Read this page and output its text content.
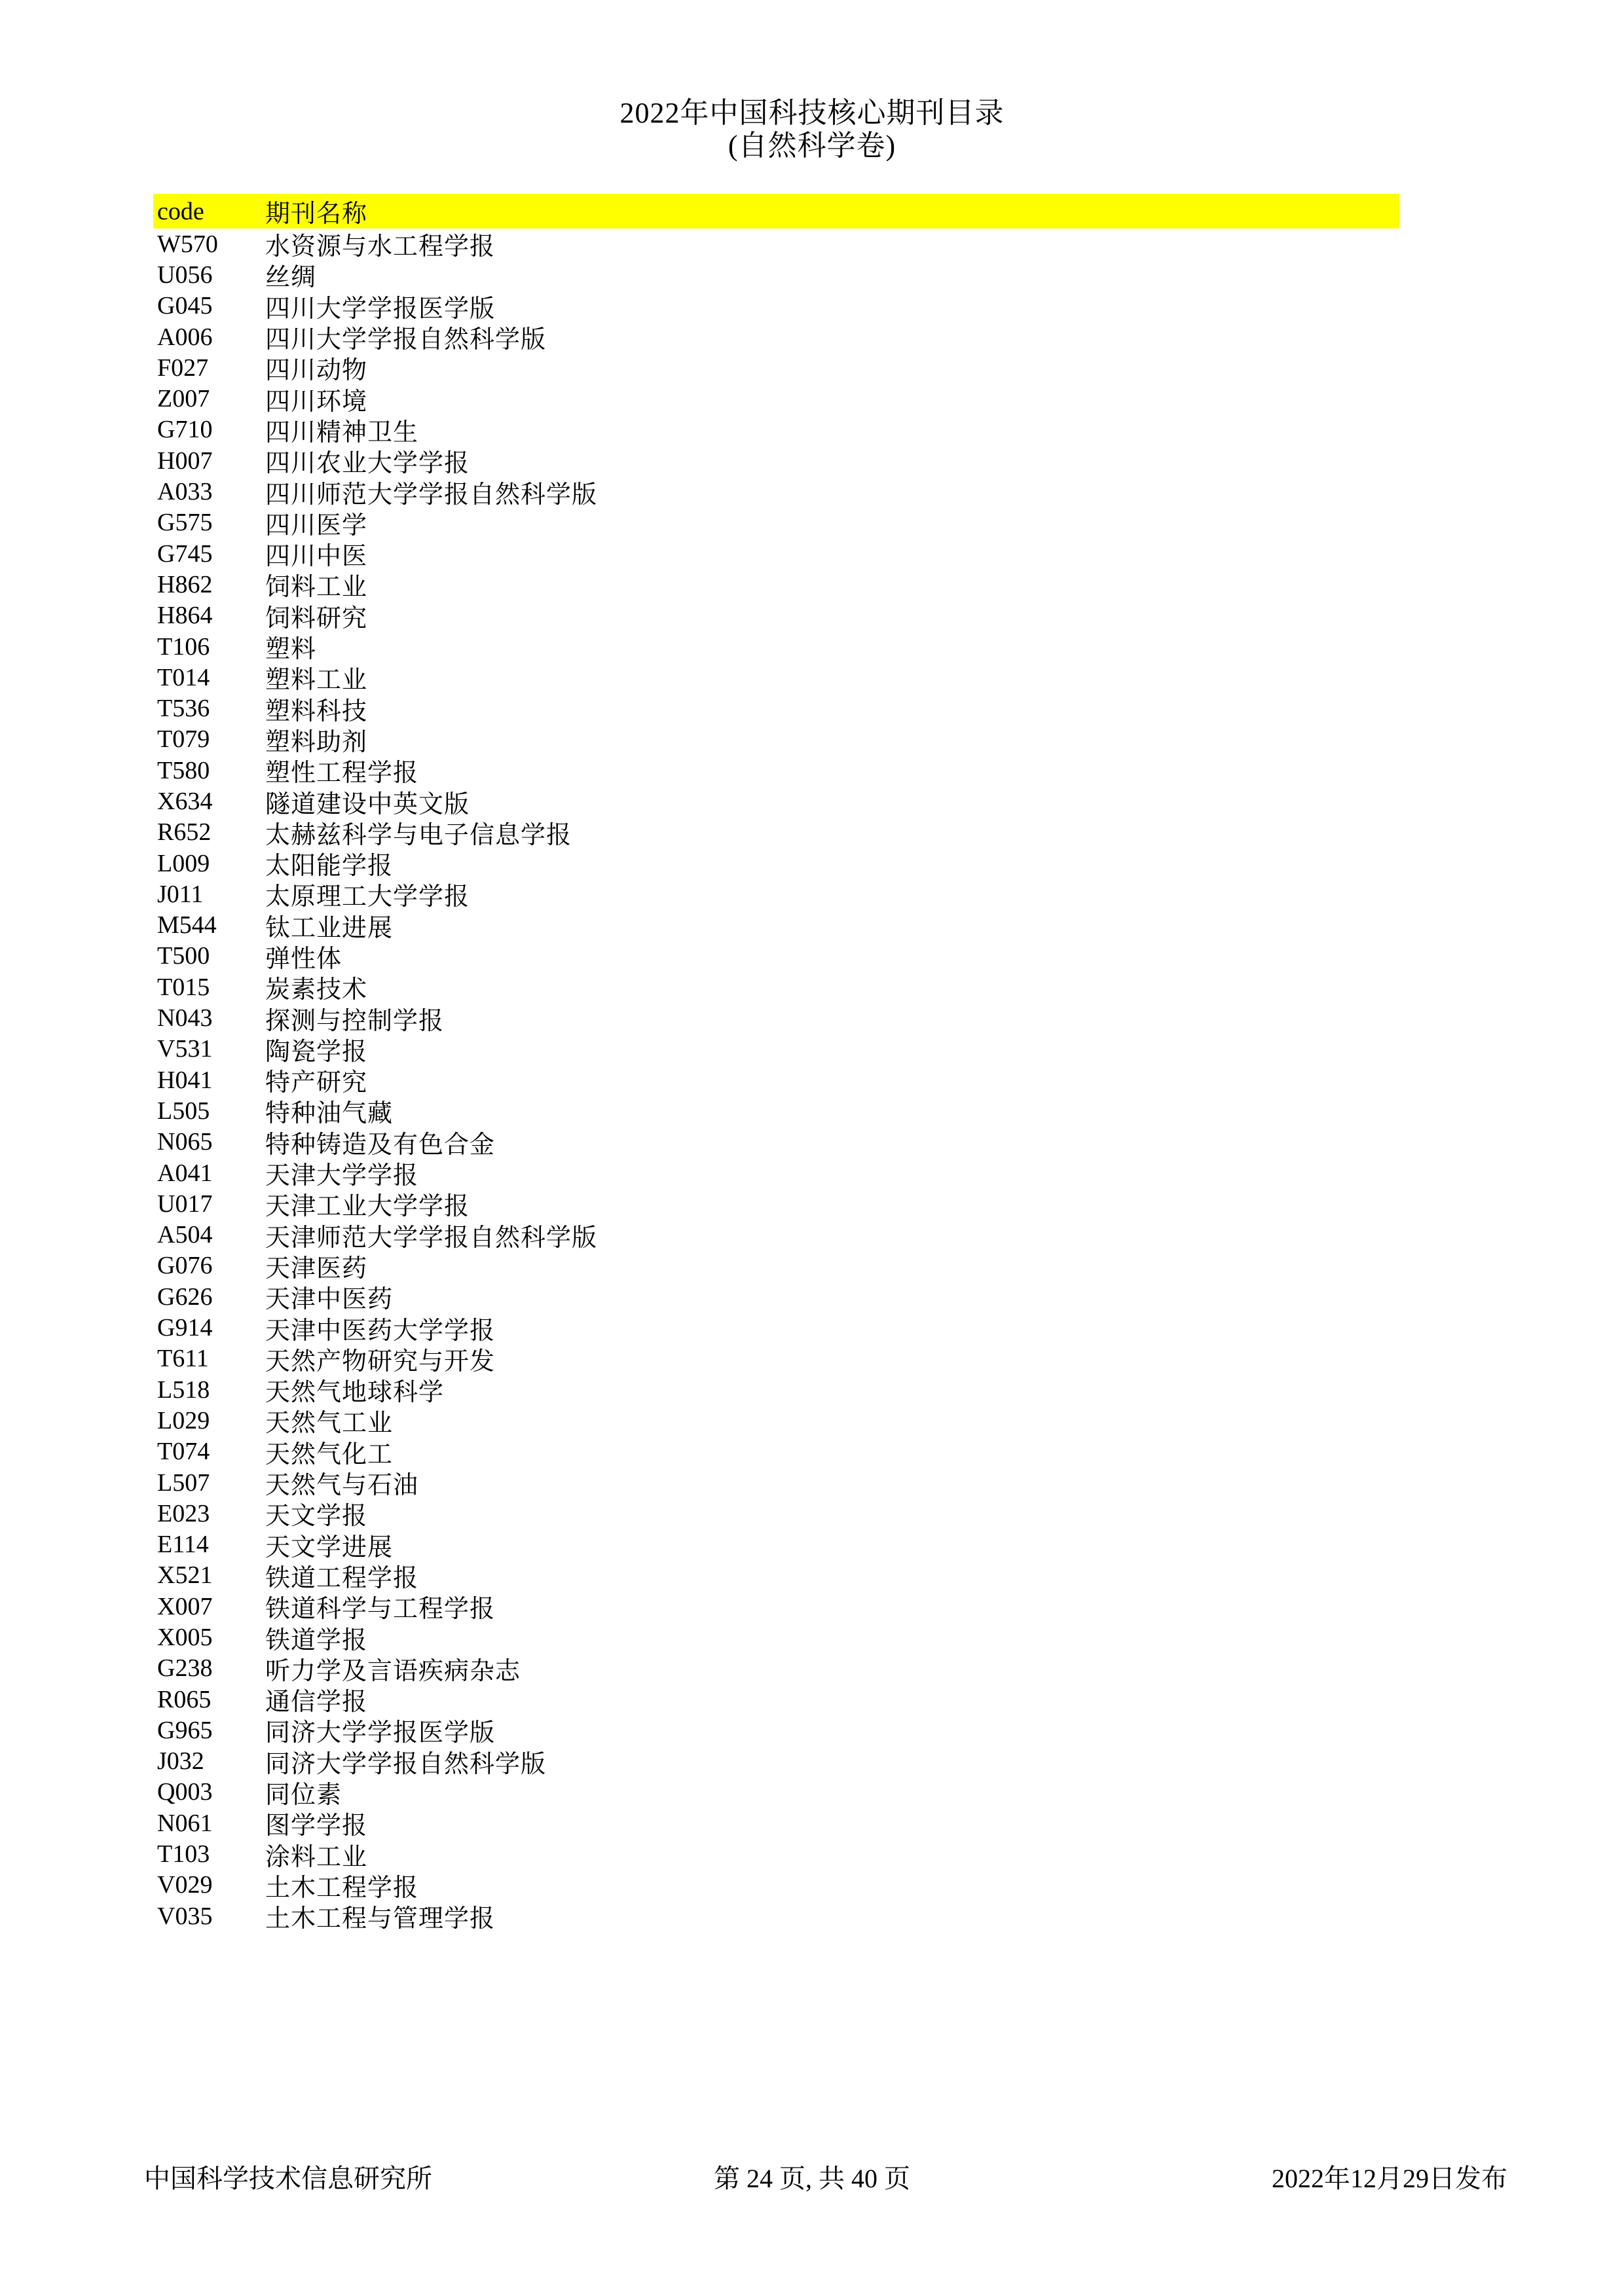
2022年中国科技核心期刊目录
(自然科学卷)
code	期刊名称
W570	水资源与水工程学报
U056	丝绸
G045	四川大学学报医学版
A006	四川大学学报自然科学版
F027	四川动物
Z007	四川环境
G710	四川精神卫生
H007	四川农业大学学报
A033	四川师范大学学报自然科学版
G575	四川医学
G745	四川中医
H862	饲料工业
H864	饲料研究
T106	塑料
T014	塑料工业
T536	塑料科技
T079	塑料助剂
T580	塑性工程学报
X634	隧道建设中英文版
R652	太赫兹科学与电子信息学报
L009	太阳能学报
J011	太原理工大学学报
M544	钛工业进展
T500	弹性体
T015	炭素技术
N043	探测与控制学报
V531	陶瓷学报
H041	特产研究
L505	特种油气藏
N065	特种铸造及有色合金
A041	天津大学学报
U017	天津工业大学学报
A504	天津师范大学学报自然科学版
G076	天津医药
G626	天津中医药
G914	天津中医药大学学报
T611	天然产物研究与开发
L518	天然气地球科学
L029	天然气工业
T074	天然气化工
L507	天然气与石油
E023	天文学报
E114	天文学进展
X521	铁道工程学报
X007	铁道科学与工程学报
X005	铁道学报
G238	听力学及言语疾病杂志
R065	通信学报
G965	同济大学学报医学版
J032	同济大学学报自然科学版
Q003	同位素
N061	图学学报
T103	涂料工业
V029	土木工程学报
V035	土木工程与管理学报
中国科学技术信息研究所	第 24 页, 共 40 页	2022年12月29日发布
